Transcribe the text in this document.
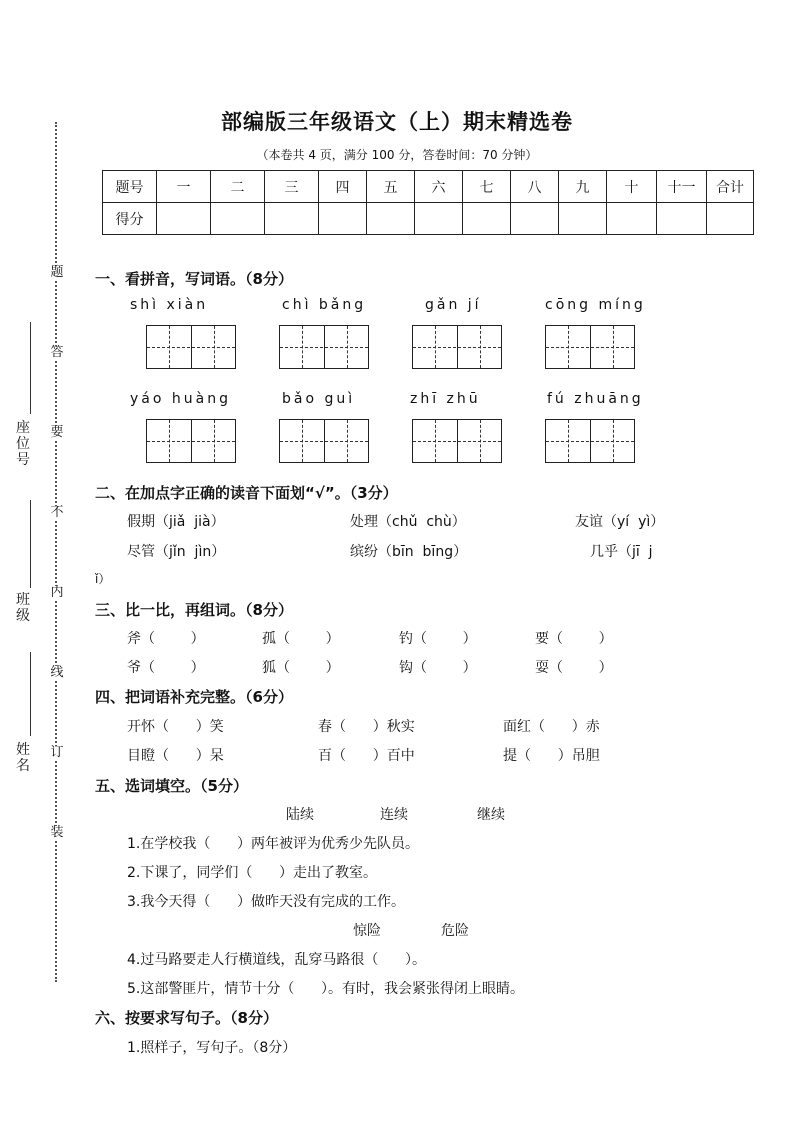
题
答
要
不
内
线
订
装
座位号
班级
姓名
部编版三年级语文（上）期末精选卷
（本卷共 4 页，满分 100 分，答卷时间：70 分钟）
题号	一	二	三	四	五	六	七	八	九	十	十一	合计
得分												
一、看拼音，写词语。（8分）
shì xiàn	chì bǎng	gǎn jí	cōng míng
yáo huàng	bǎo guì	zhī zhū	fú zhuāng
二、在加点字正确的读音下面划“√”。（3分）
假期（jiǎ  jià）	处理（chǔ  chù）	友谊（yí  yì）
尽管（jǐn  jìn）	缤纷（bīn  bīng）	几乎（jī  j
ǐ）
三、比一比，再组词。（8分）
斧（        ）	孤（        ）	钓（        ）	要（        ）
爷（        ）	狐（        ）	钩（        ）	耍（        ）
四、把词语补充完整。（6分）
开怀（      ）笑	春（      ）秋实	面红（      ）赤
目瞪（      ）呆	百（      ）百中	提（      ）吊胆
五、选词填空。（5分）
陆续	连续	继续
1.在学校我（      ）两年被评为优秀少先队员。
2.下课了，同学们（      ）走出了教室。
3.我今天得（      ）做昨天没有完成的工作。
惊险	危险
4.过马路要走人行横道线，乱穿马路很（      ）。
5.这部警匪片，情节十分（      ）。有时，我会紧张得闭上眼睛。
六、按要求写句子。（8分）
1.照样子，写句子。（8分）
